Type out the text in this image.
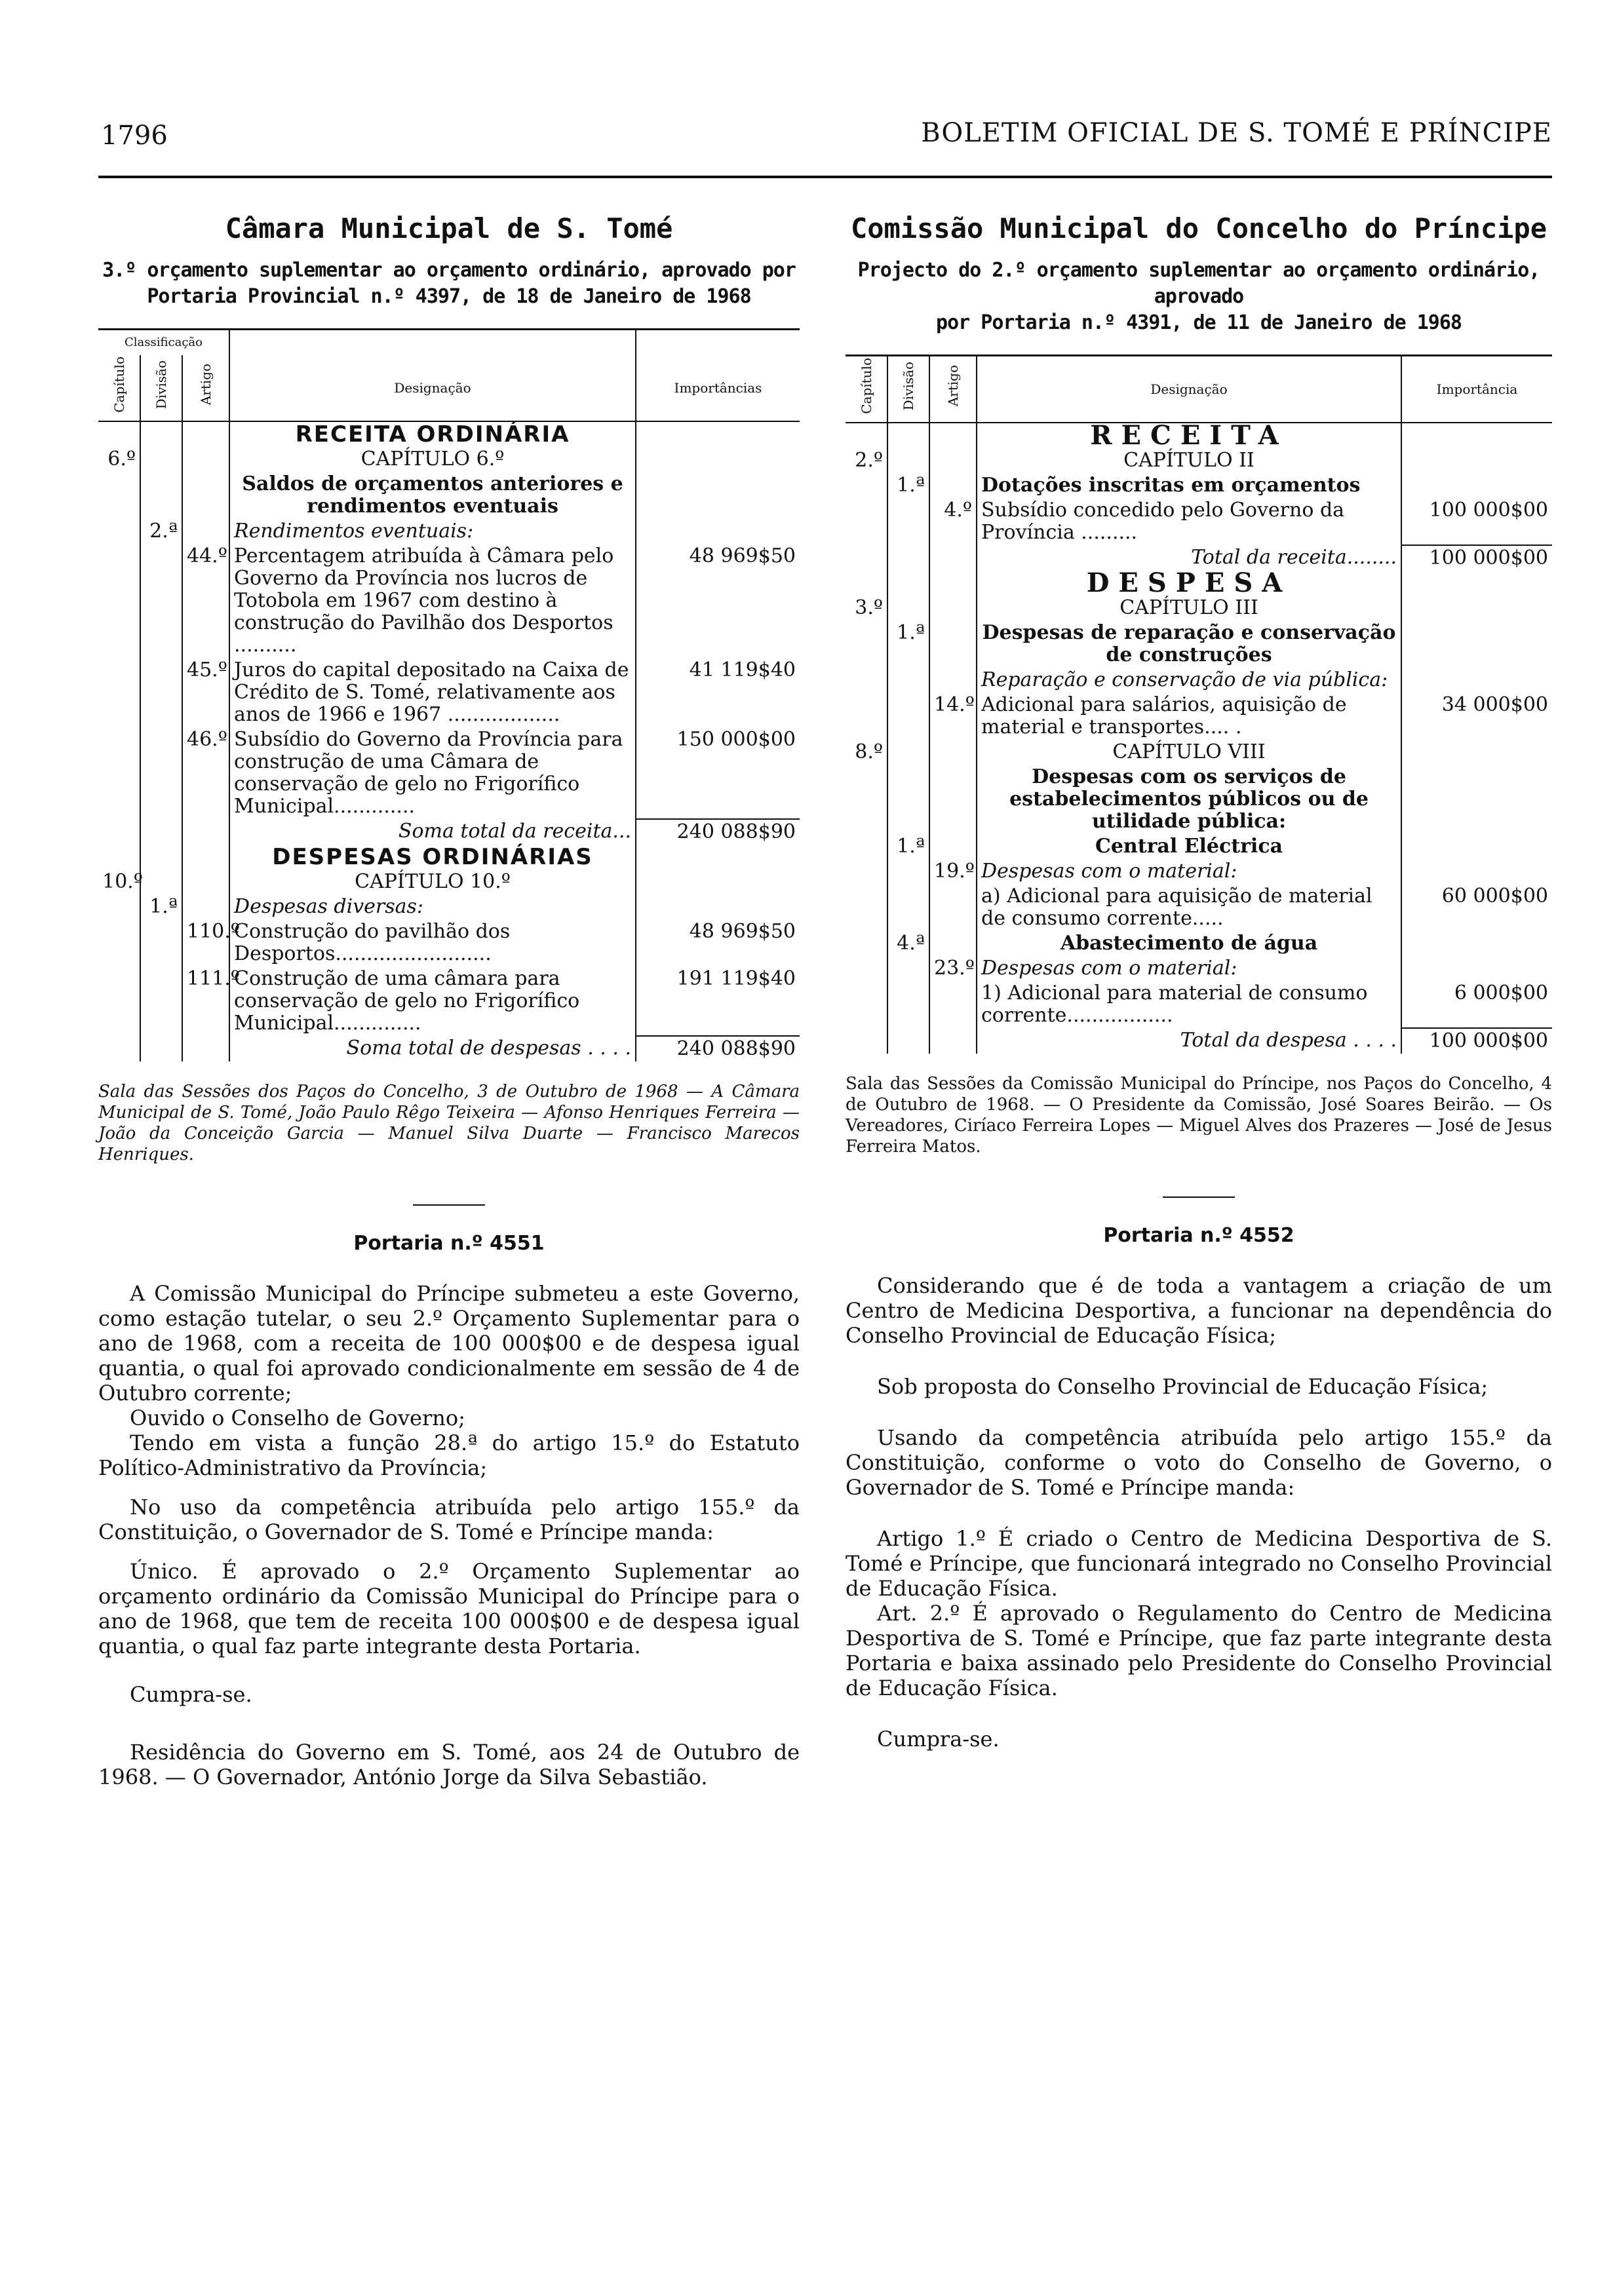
1796	BOLETIM OFICIAL DE S. TOMÉ E PRÍNCIPE
Câmara Municipal de S. Tomé
3.º orçamento suplementar ao orçamento ordinário, aprovado por
Portaria Provincial n.º 4397, de 18 de Janeiro de 1968
Classificação				
Capítulo	Divisão	Artigo	Designação	Importâncias
			RECEITA ORDINÁRIA	
6.º			CAPÍTULO 6.º	
			Saldos de orçamentos anteriores e rendimentos eventuais	
	2.ª		Rendimentos eventuais:	
		44.º	Percentagem atribuída à Câmara pelo Governo da Província nos lucros de Totobola em 1967 com destino à construção do Pavilhão dos Desportos ..........	48 969$50
		45.º	Juros do capital depositado na Caixa de Crédito de S. Tomé, relativamente aos anos de 1966 e 1967 ..................	41 119$40
		46.º	Subsídio do Governo da Província para construção de uma Câmara de conservação de gelo no Frigorífico Municipal.............	150 000$00
			Soma total da receita...	240 088$90
			DESPESAS ORDINÁRIAS	
10.º			CAPÍTULO 10.º	
	1.ª		Despesas diversas:	
		110.º	Construção do pavilhão dos Desportos.........................	48 969$50
		111.º	Construção de uma câmara para conservação de gelo no Frigorífico Municipal..............	191 119$40
			Soma total de despesas . . . .	240 088$90
Sala das Sessões dos Paços do Concelho, 3 de Outubro de 1968 — A Câmara Municipal de S. Tomé, João Paulo Rêgo Teixeira — Afonso Henriques Ferreira — João da Conceição Garcia — Manuel Silva Duarte — Francisco Marecos Henriques.
Portaria n.º 4551

A Comissão Municipal do Príncipe submeteu a este Governo, como estação tutelar, o seu 2.º Orçamento Suplementar para o ano de 1968, com a receita de 100 000$00 e de despesa igual quantia, o qual foi aprovado condicionalmente em sessão de 4 de Outubro corrente;

Ouvido o Conselho de Governo;

Tendo em vista a função 28.ª do artigo 15.º do Estatuto Político-Administrativo da Província;

No uso da competência atribuída pelo artigo 155.º da Constituição, o Governador de S. Tomé e Príncipe manda:

Único. É aprovado o 2.º Orçamento Suplementar ao orçamento ordinário da Comissão Municipal do Príncipe para o ano de 1968, que tem de receita 100 000$00 e de despesa igual quantia, o qual faz parte integrante desta Portaria.

Cumpra-se.

Residência do Governo em S. Tomé, aos 24 de Outubro de 1968. — O Governador, António Jorge da Silva Sebastião.

Comissão Municipal do Concelho do Príncipe
Projecto do 2.º orçamento suplementar ao orçamento ordinário, aprovado
por Portaria n.º 4391, de 11 de Janeiro de 1968
Capítulo	Divisão	Artigo	Designação	Importância
			RECEITA	
2.º			CAPÍTULO II	
	1.ª		Dotações inscritas em orçamentos	
		4.º	Subsídio concedido pelo Governo da Província .........	100 000$00
			Total da receita........	100 000$00
			DESPESA	
3.º			CAPÍTULO III	
	1.ª		Despesas de reparação e conservação de construções	
			Reparação e conservação de via pública:	
		14.º	Adicional para salários, aquisição de material e transportes.... .	34 000$00
8.º			CAPÍTULO VIII	
			Despesas com os serviços de estabelecimentos públicos ou de utilidade pública:	
	1.ª		Central Eléctrica	
		19.º	Despesas com o material:	
			a) Adicional para aquisição de material de consumo corrente.....	60 000$00
	4.ª		Abastecimento de água	
		23.º	Despesas com o material:	
			1) Adicional para material de consumo corrente.................	6 000$00
			Total da despesa . . . .	100 000$00
Sala das Sessões da Comissão Municipal do Príncipe, nos Paços do Concelho, 4 de Outubro de 1968. — O Presidente da Comissão, José Soares Beirão. — Os Vereadores, Ciríaco Ferreira Lopes — Miguel Alves dos Prazeres — José de Jesus Ferreira Matos.
Portaria n.º 4552

Considerando que é de toda a vantagem a criação de um Centro de Medicina Desportiva, a funcionar na dependência do Conselho Provincial de Educação Física;

Sob proposta do Conselho Provincial de Educação Física;

Usando da competência atribuída pelo artigo 155.º da Constituição, conforme o voto do Conselho de Governo, o Governador de S. Tomé e Príncipe manda:

Artigo 1.º É criado o Centro de Medicina Desportiva de S. Tomé e Príncipe, que funcionará integrado no Conselho Provincial de Educação Física.

Art. 2.º É aprovado o Regulamento do Centro de Medicina Desportiva de S. Tomé e Príncipe, que faz parte integrante desta Portaria e baixa assinado pelo Presidente do Conselho Provincial de Educação Física.

Cumpra-se.
